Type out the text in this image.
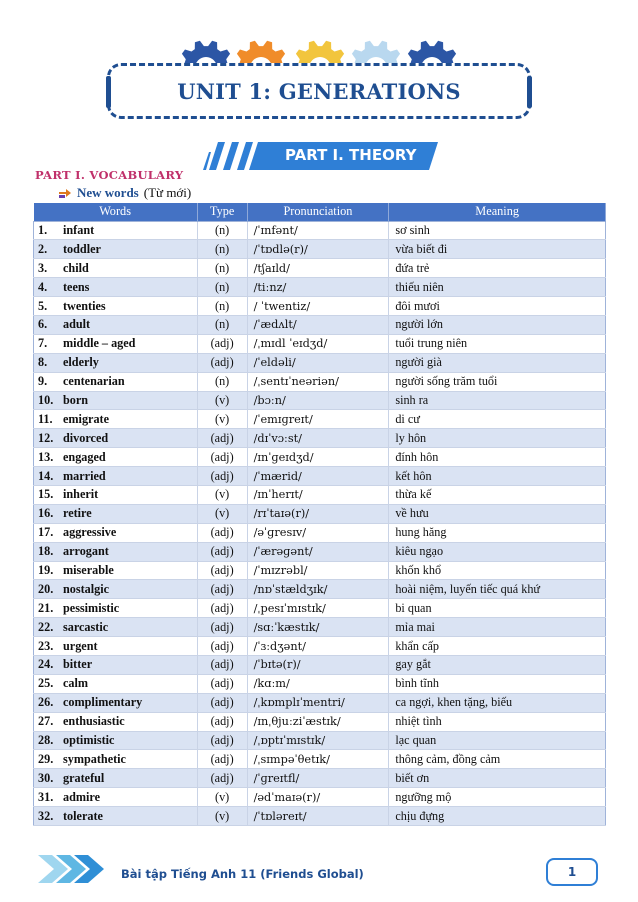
UNIT 1: GENERATIONS
PART I. THEORY
PART I. VOCABULARY
New words (Từ mới)
Words	Type	Pronunciation	Meaning
1. infant	(n)	/ˈɪnfənt/	sơ sinh
2. toddler	(n)	/ˈtɒdlə(r)/	vừa biết đi
3. child	(n)	/tʃaɪld/	đứa trẻ
4. teens	(n)	/tiːnz/	thiếu niên
5. twenties	(n)	/ ˈtwentiz/	đôi mươi
6. adult	(n)	/ˈædʌlt/	người lớn
7. middle – aged	(adj)	/ˌmɪdl ˈeɪdʒd/	tuổi trung niên
8. elderly	(adj)	/ˈeldəli/	người già
9. centenarian	(n)	/ˌsentɪˈneəriən/	người sống trăm tuổi
10. born	(v)	/bɔːn/	sinh ra
11. emigrate	(v)	/ˈemɪɡreɪt/	di cư
12. divorced	(adj)	/dɪˈvɔːst/	ly hôn
13. engaged	(adj)	/ɪnˈɡeɪdʒd/	đính hôn
14. married	(adj)	/ˈmærid/	kết hôn
15. inherit	(v)	/ɪnˈherɪt/	thừa kế
16. retire	(v)	/rɪˈtaɪə(r)/	về hưu
17. aggressive	(adj)	/əˈɡresɪv/	hung hăng
18. arrogant	(adj)	/ˈærəɡənt/	kiêu ngạo
19. miserable	(adj)	/ˈmɪzrəbl/	khốn khổ
20. nostalgic	(adj)	/nɒˈstældʒɪk/	hoài niệm, luyến tiếc quá khứ
21. pessimistic	(adj)	/ˌpesɪˈmɪstɪk/	bi quan
22. sarcastic	(adj)	/sɑːˈkæstɪk/	mỉa mai
23. urgent	(adj)	/ˈɜːdʒənt/	khẩn cấp
24. bitter	(adj)	/ˈbɪtə(r)/	gay gắt
25. calm	(adj)	/kɑːm/	bình tĩnh
26. complimentary	(adj)	/ˌkɒmplɪˈmentri/	ca ngợi, khen tặng, biếu
27. enthusiastic	(adj)	/ɪnˌθjuːziˈæstɪk/	nhiệt tình
28. optimistic	(adj)	/ˌɒptɪˈmɪstɪk/	lạc quan
29. sympathetic	(adj)	/ˌsɪmpəˈθetɪk/	thông cảm, đồng cảm
30. grateful	(adj)	/ˈɡreɪtfl/	biết ơn
31. admire	(v)	/ədˈmaɪə(r)/	ngưỡng mộ
32. tolerate	(v)	/ˈtɒləreɪt/	chịu đựng
Bài tập Tiếng Anh 11 (Friends Global)	1
